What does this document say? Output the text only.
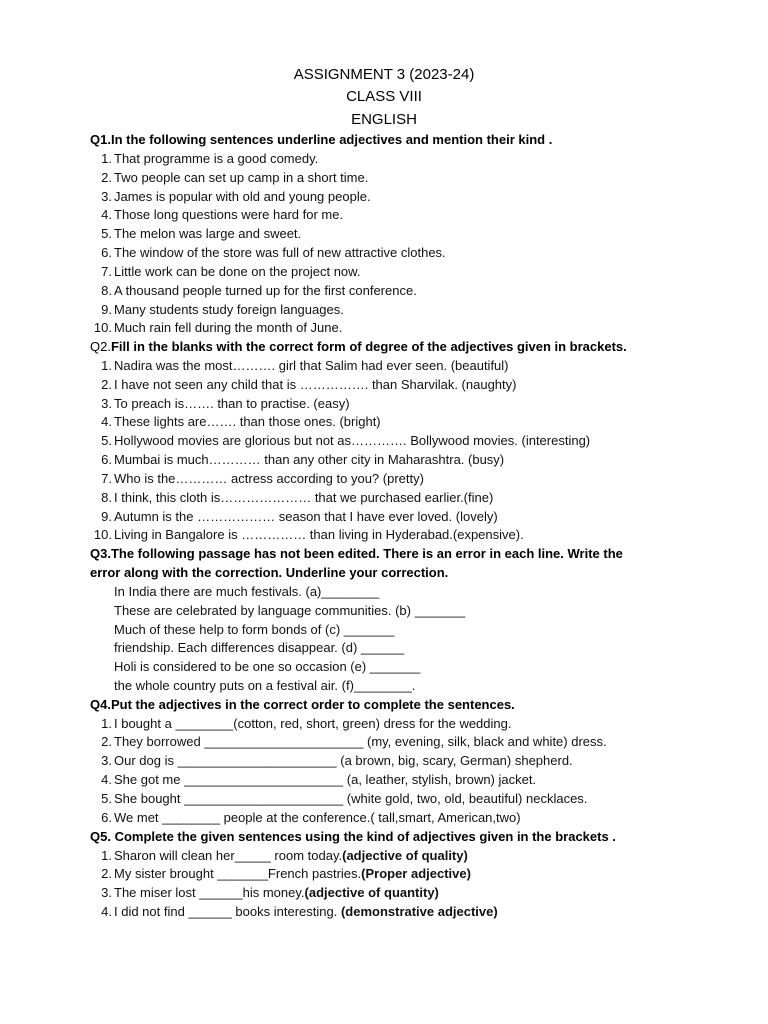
ASSIGNMENT 3 (2023-24)
CLASS VIII
ENGLISH
Q1.In the following sentences underline adjectives and mention their kind .
1. That programme is a good comedy.
2. Two people can set up camp in a short time.
3. James is popular with old and young people.
4. Those long questions were hard for me.
5. The melon was large and sweet.
6. The window of the store was full of new attractive clothes.
7. Little work can be done on the project now.
8. A thousand people turned up for the first conference.
9. Many students study foreign languages.
10. Much rain fell during the month of June.
Q2.Fill in the blanks with the correct form of degree of the adjectives given in brackets.
1. Nadira was the most………. girl that Salim had ever seen. (beautiful)
2. I have not seen any child that is ……………. than Sharvilak. (naughty)
3. To preach is……. than to practise. (easy)
4. These lights are……. than those ones. (bright)
5. Hollywood movies are glorious but not as…………. Bollywood movies. (interesting)
6. Mumbai is much………… than any other city in Maharashtra. (busy)
7. Who is the………… actress according to you? (pretty)
8. I think, this cloth is………………… that we purchased earlier.(fine)
9. Autumn is the ……………… season that I have ever loved. (lovely)
10. Living in Bangalore is …………… than living in Hyderabad.(expensive).
Q3.The following passage has not been edited. There is an error in each line. Write the
error along with the correction. Underline your correction.
In India there are much festivals. (a)________
These are celebrated by language communities. (b) _______
Much of these help to form bonds of (c) _______
friendship. Each differences disappear. (d) ______
Holi is considered to be one so occasion (e) _______
the whole country puts on a festival air. (f)________.
Q4.Put the adjectives in the correct order to complete the sentences.
1. I bought a ________(cotton, red, short, green) dress for the wedding.
2. They borrowed ______________________ (my, evening, silk, black and white) dress.
3. Our dog is ______________________ (a brown, big, scary, German) shepherd.
4. She got me ______________________ (a, leather, stylish, brown) jacket.
5. She bought ______________________ (white gold, two, old, beautiful) necklaces.
6. We met ________ people at the conference.( tall,smart, American,two)
Q5. Complete the given sentences using the kind of adjectives given in the brackets .
1. Sharon will clean her_____ room today.(adjective of quality)
2. My sister brought _______French pastries.(Proper adjective)
3. The miser lost ______his money.(adjective of quantity)
4. I did not find ______ books interesting. (demonstrative adjective)
